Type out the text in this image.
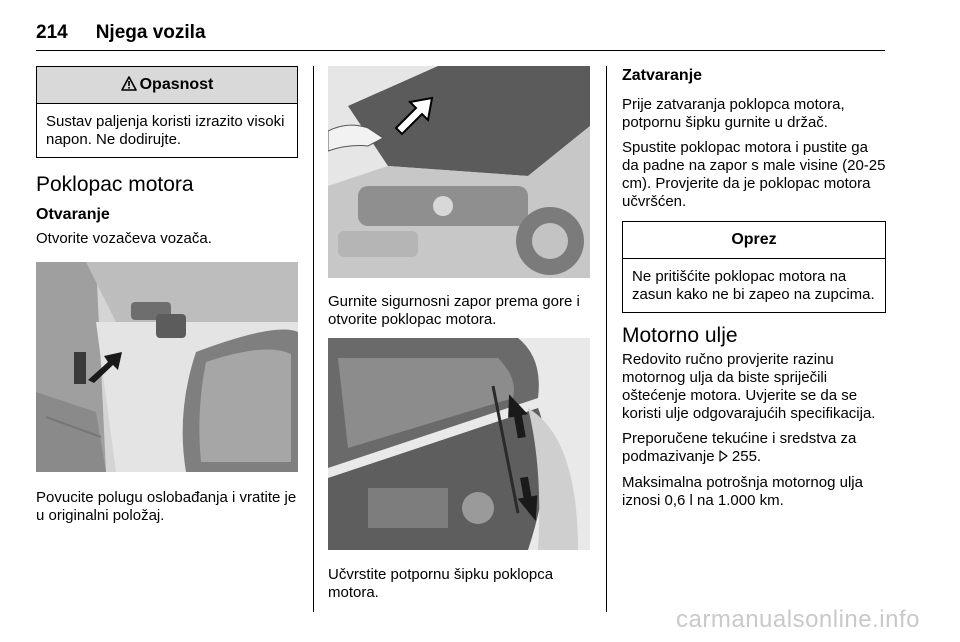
214 Njega vozila
Opasnost
Sustav paljenja koristi izrazito visoki napon. Ne dodirujte.
Poklopac motora
Otvaranje

Otvorite vozačeva vozača.

Povucite polugu oslobađanja i vratite je u originalni položaj.

Gurnite sigurnosni zapor prema gore i otvorite poklopac motora.

Učvrstite potpornu šipku poklopca motora.

Zatvaranje

Prije zatvaranja poklopca motora, potpornu šipku gurnite u držač.

Spustite poklopac motora i pustite ga da padne na zapor s male visine (20-25 cm). Provjerite da je poklopac motora učvršćen.

Oprez
Ne pritišćite poklopac motora na zasun kako ne bi zapeo na zupcima.
Motorno ulje

Redovito ručno provjerite razinu motornog ulja da biste spriječili oštećenje motora. Uvjerite se da se koristi ulje odgovarajućih specifikacija.

Preporučene tekućine i sredstva za podmazivanje 255.

Maksimalna potrošnja motornog ulja iznosi 0,6 l na 1.000 km.

carmanualsonline.info
